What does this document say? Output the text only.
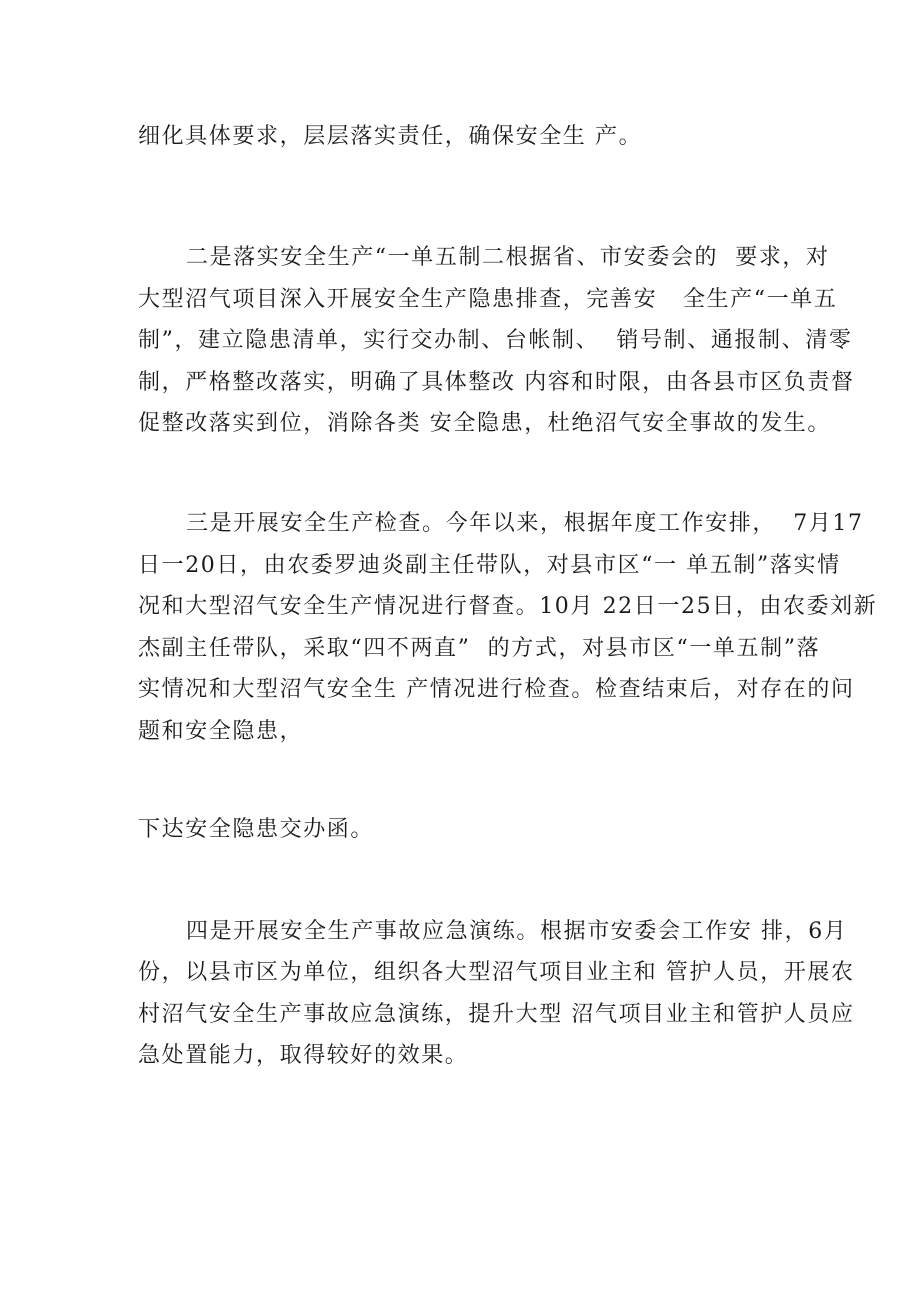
细化具体要求，层层落实责任，确保安全生 产。
二是落实安全生产“一单五制二根据省、市安委会的  要求，对
大型沼气项目深入开展安全生产隐患排查，完善安   全生产“一单五
制”，建立隐患清单，实行交办制、台帐制、  销号制、通报制、清零
制，严格整改落实，明确了具体整改 内容和时限，由各县市区负责督
促整改落实到位，消除各类 安全隐患，杜绝沼气安全事故的发生。
三是开展安全生产检查。今年以来，根据年度工作安排，  7月17
日一20日，由农委罗迪炎副主任带队，对县市区“一 单五制”落实情
况和大型沼气安全生产情况进行督查。10月 22日一25日，由农委刘新
杰副主任带队，采取“四不两直”  的方式，对县市区“一单五制”落
实情况和大型沼气安全生 产情况进行检查。检查结束后，对存在的问
题和安全隐患，
下达安全隐患交办函。
四是开展安全生产事故应急演练。根据市安委会工作安 排，6月
份，以县市区为单位，组织各大型沼气项目业主和 管护人员，开展农
村沼气安全生产事故应急演练，提升大型 沼气项目业主和管护人员应
急处置能力，取得较好的效果。
